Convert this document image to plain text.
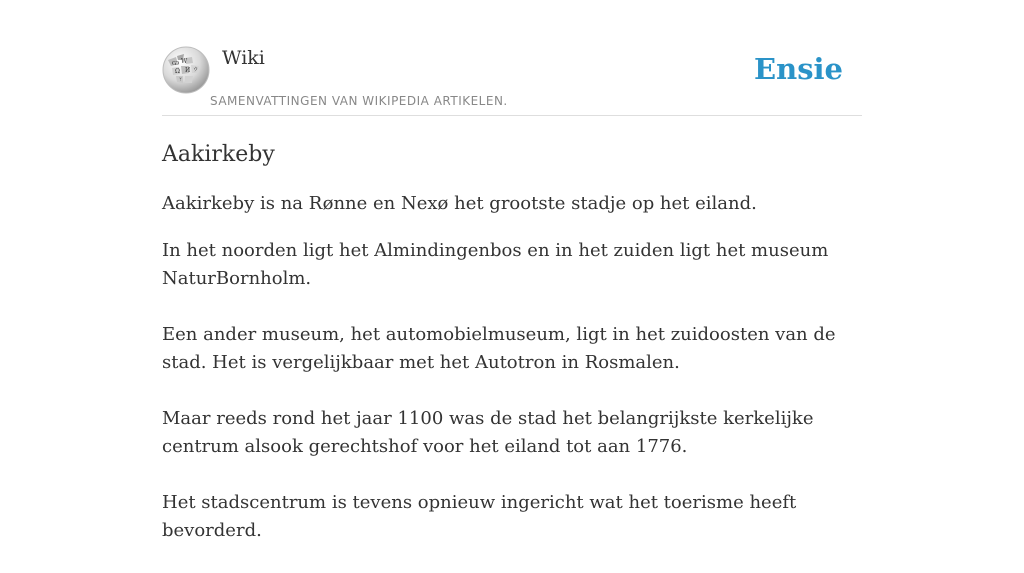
Ѡ W
Ω И ウ
ᛘ
Wiki
SAMENVATTINGEN VAN WIKIPEDIA ARTIKELEN.
Ensie
Aakirkeby

Aakirkeby is na Rønne en Nexø het grootste stadje op het eiland.

In het noorden ligt het Almindingenbos en in het zuiden ligt het museum NaturBornholm.

Een ander museum, het automobielmuseum, ligt in het zuidoosten van de stad. Het is vergelijkbaar met het Autotron in Rosmalen.

Maar reeds rond het jaar 1100 was de stad het belangrijkste kerkelijke centrum alsook gerechtshof voor het eiland tot aan 1776.

Het stadscentrum is tevens opnieuw ingericht wat het toerisme heeft bevorderd.
